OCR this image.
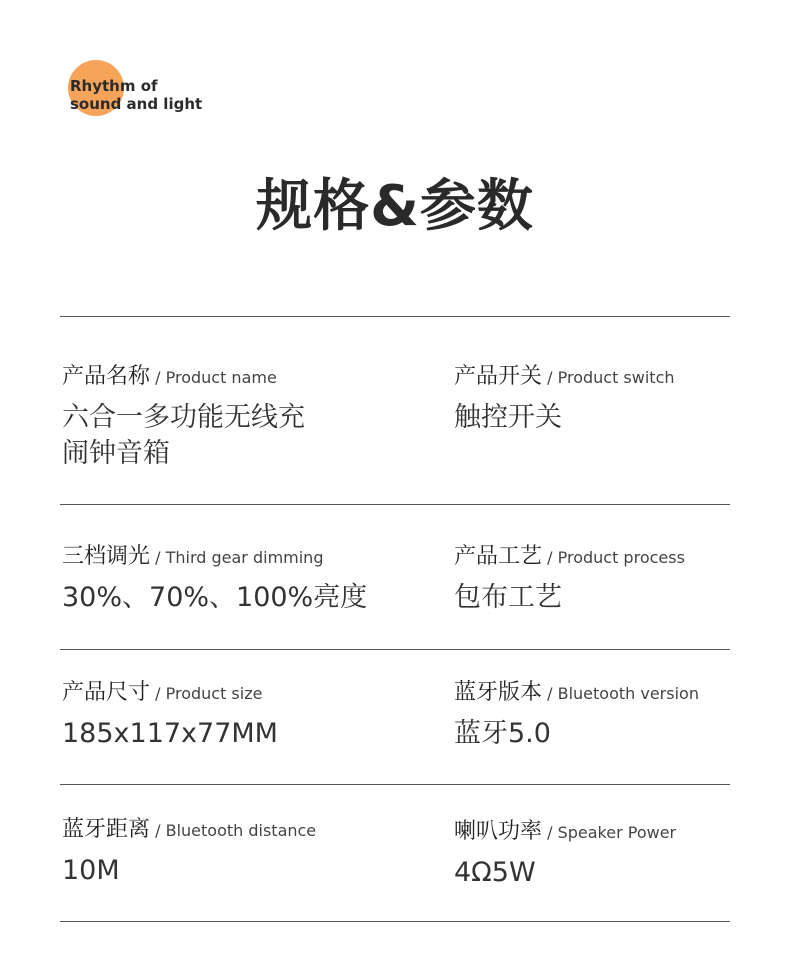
Rhythm of
sound and light
规格&参数
产品名称 / Product name
六合一多功能无线充
闹钟音箱
产品开关 / Product switch
触控开关
三档调光 / Third gear dimming
30%、70%、100%亮度
产品工艺 / Product process
包布工艺
产品尺寸 / Product size
185x117x77MM
蓝牙版本 / Bluetooth version
蓝牙5.0
蓝牙距离 / Bluetooth distance
10M
喇叭功率 / Speaker Power
4Ω5W
